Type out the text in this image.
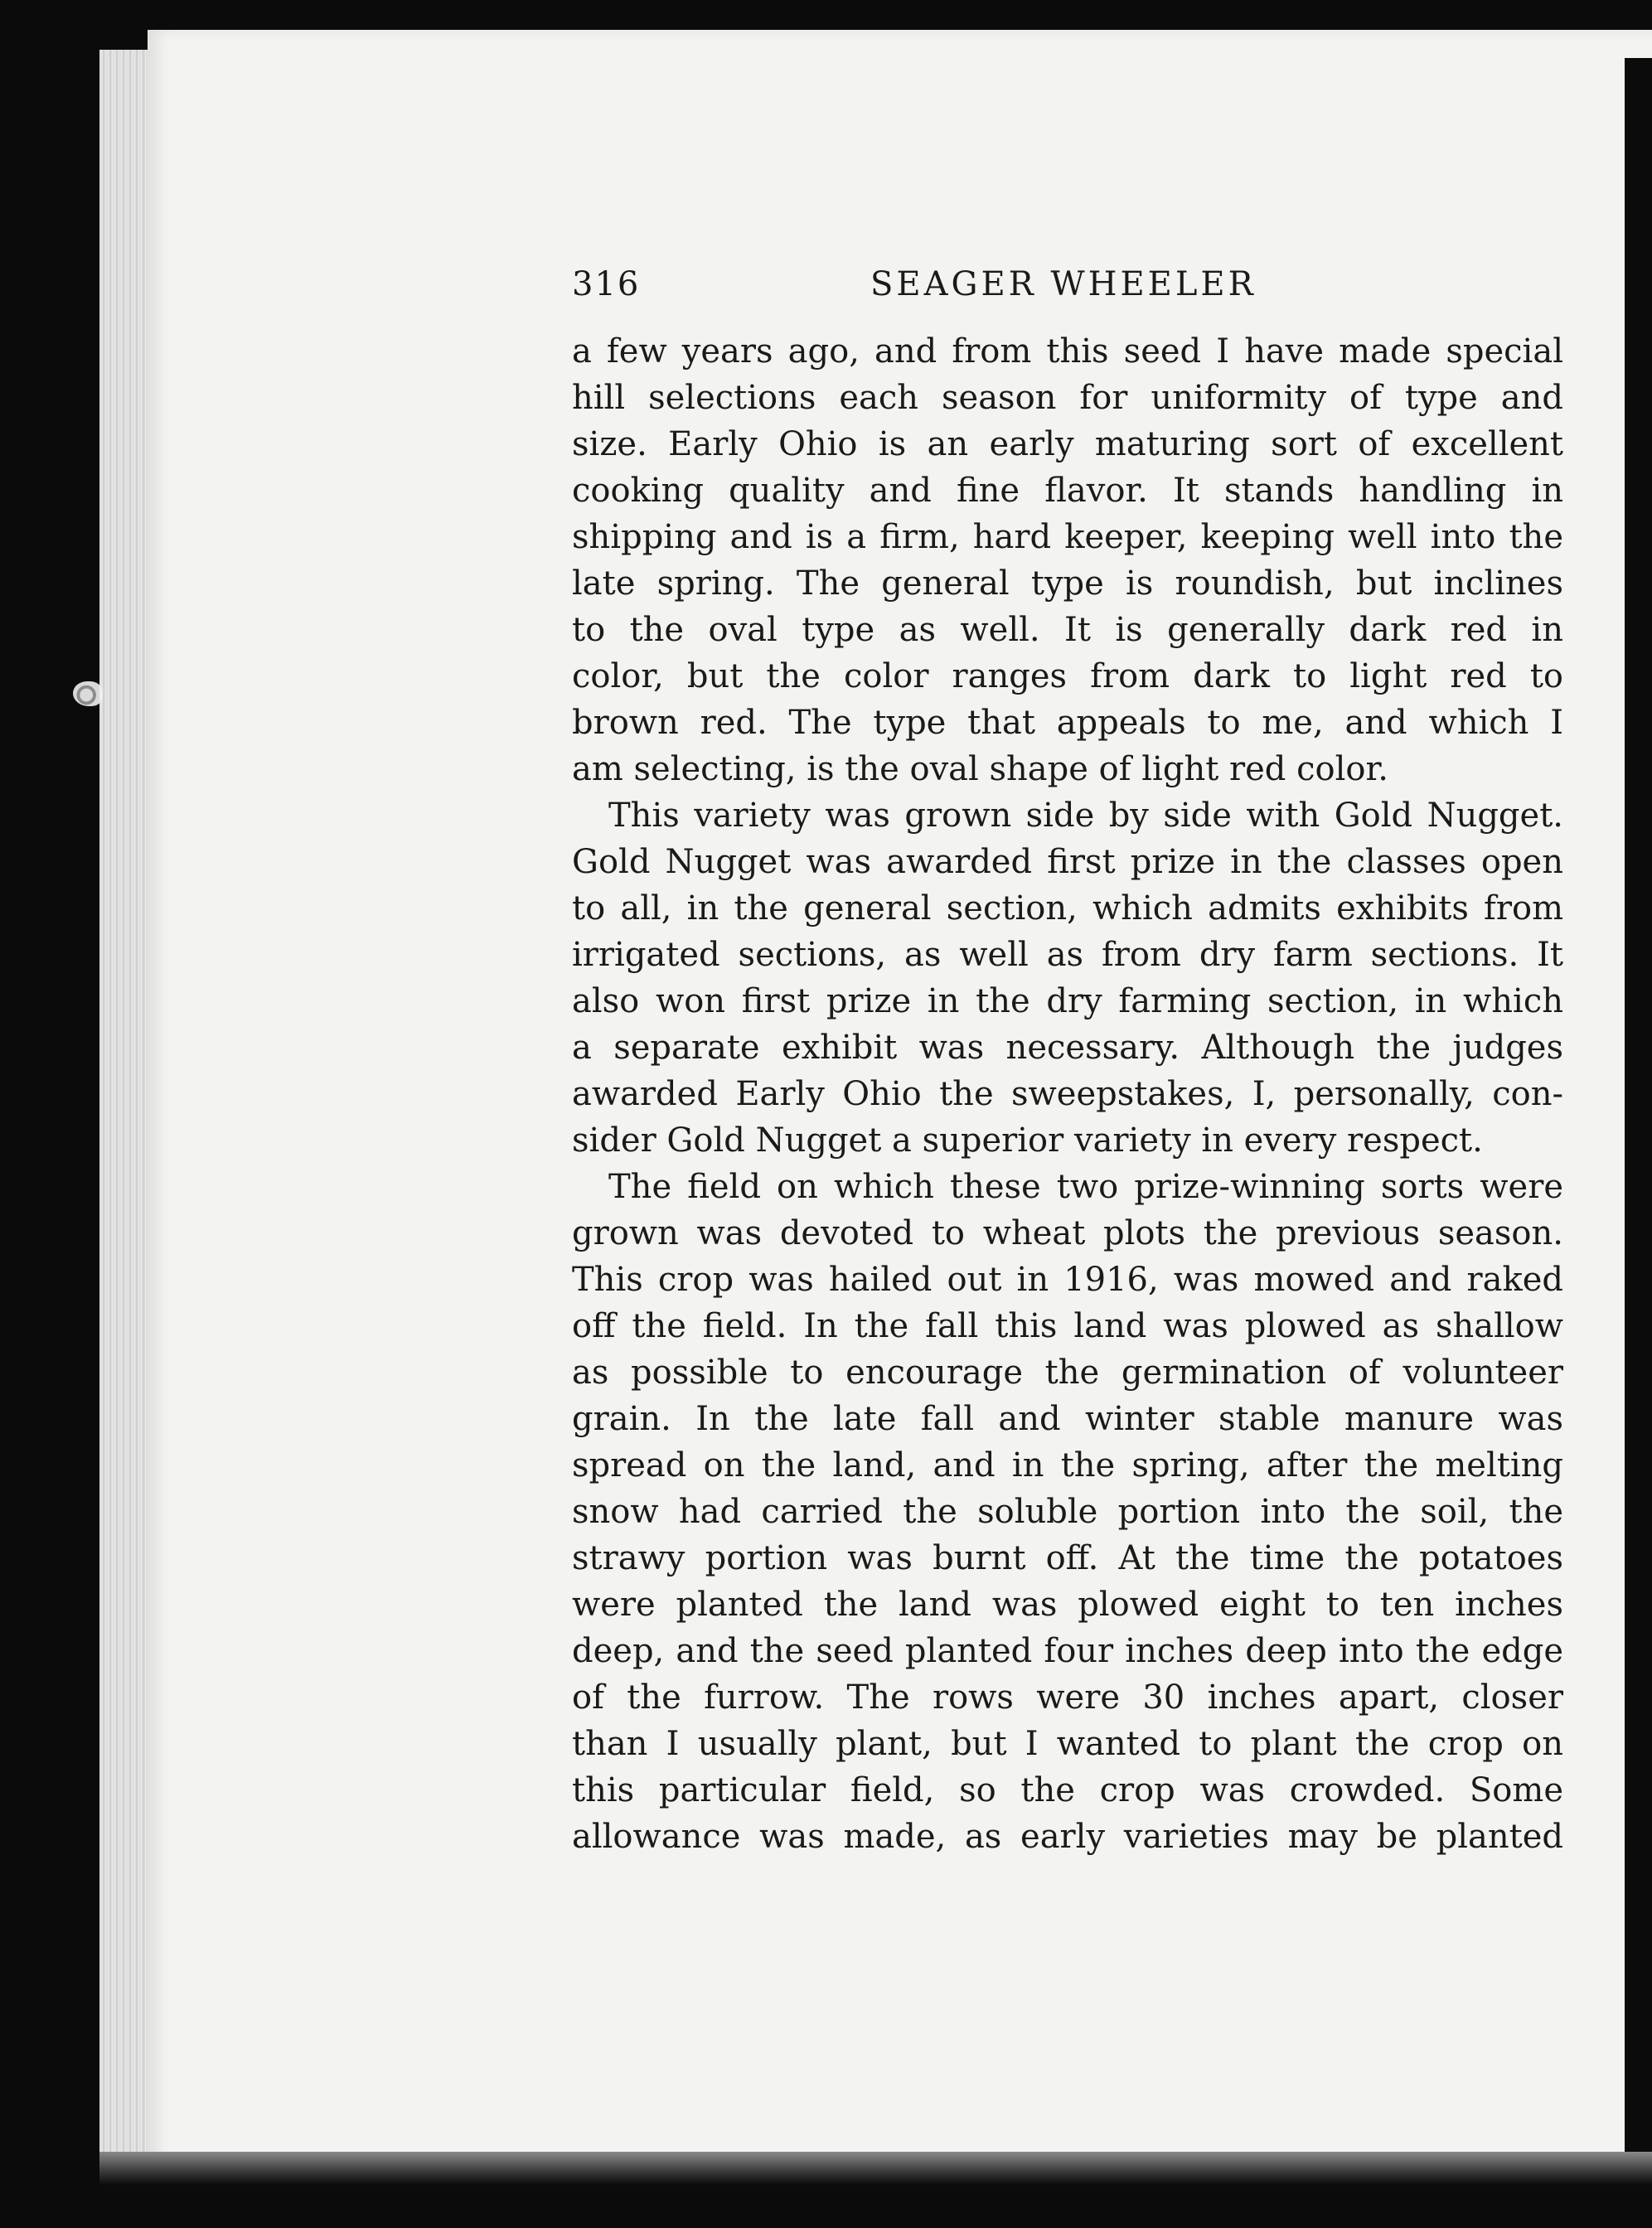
316	SEAGER WHEELER

a few years ago, and from this seed I have made special
hill selections each season for uniformity of type and
size. Early Ohio is an early maturing sort of excellent
cooking quality and fine flavor. It stands handling in
shipping and is a firm, hard keeper, keeping well into the
late spring. The general type is roundish, but inclines
to the oval type as well. It is generally dark red in
color, but the color ranges from dark to light red to
brown red. The type that appeals to me, and which I
am selecting, is the oval shape of light red color.

This variety was grown side by side with Gold Nugget.
Gold Nugget was awarded first prize in the classes open
to all, in the general section, which admits exhibits from
irrigated sections, as well as from dry farm sections. It
also won first prize in the dry farming section, in which
a separate exhibit was necessary. Although the judges
awarded Early Ohio the sweepstakes, I, personally, con-
sider Gold Nugget a superior variety in every respect.

The field on which these two prize-winning sorts were
grown was devoted to wheat plots the previous season.
This crop was hailed out in 1916, was mowed and raked
off the field. In the fall this land was plowed as shallow
as possible to encourage the germination of volunteer
grain. In the late fall and winter stable manure was
spread on the land, and in the spring, after the melting
snow had carried the soluble portion into the soil, the
strawy portion was burnt off. At the time the potatoes
were planted the land was plowed eight to ten inches
deep, and the seed planted four inches deep into the edge
of the furrow. The rows were 30 inches apart, closer
than I usually plant, but I wanted to plant the crop on
this particular field, so the crop was crowded. Some
allowance was made, as early varieties may be planted
